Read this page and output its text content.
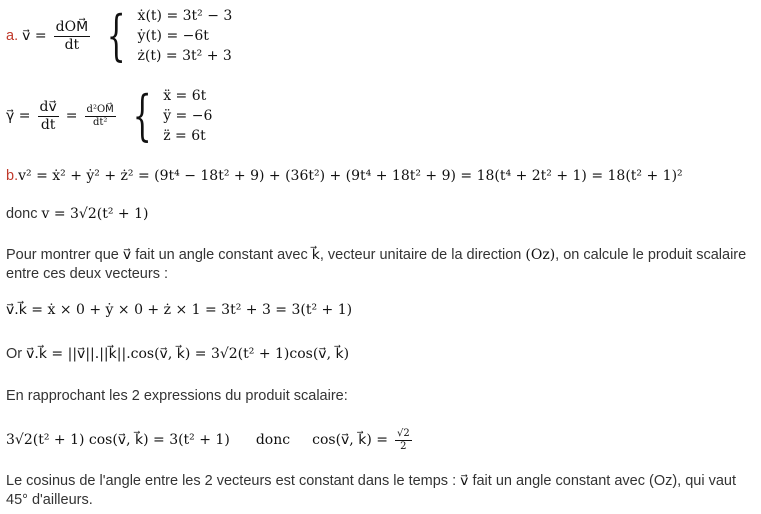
a. v⃗ = $\frac{\text{dOM⃗}}{dt}$
{ ẋ(t) = 3t² − 3
ẏ(t) = −6t
ż(t) = 3t² + 3
γ⃗ = $\frac{dv⃗}{dt} = \frac{\text{d²OM⃗}}{\text{dt²}}$
{ ẍ = 6t
ÿ = −6
z̈ = 6t
b.v² = ẋ² + ẏ² + ż² = (9t⁴ − 18t² + 9) + (36t²) + (9t⁴ + 18t² + 9) = 18(t⁴ + 2t² + 1) = 18(t² + 1)²
donc v = 3√2(t² + 1)
Pour montrer que v⃗ fait un angle constant avec k⃗, vecteur unitaire de la direction (Oz), on calcule le produit scalaire entre ces deux vecteurs :
v⃗.k⃗ = ẋ × 0 + ẏ × 0 + ż × 1 = 3t² + 3 = 3(t² + 1)
Or v⃗.k⃗ = ||v⃗||.||k⃗||.cos(v⃗, k⃗) = 3√2(t² + 1)cos(v⃗, k⃗)
En rapprochant les 2 expressions du produit scalaire:
3√2(t² + 1) cos(v⃗, k⃗) = 3(t² + 1) donc cos(v⃗, k⃗) = $\frac{√2}{2}$
Le cosinus de l'angle entre les 2 vecteurs est constant dans le temps : v⃗ fait un angle constant avec (Oz), qui vaut 45° d'ailleurs.
